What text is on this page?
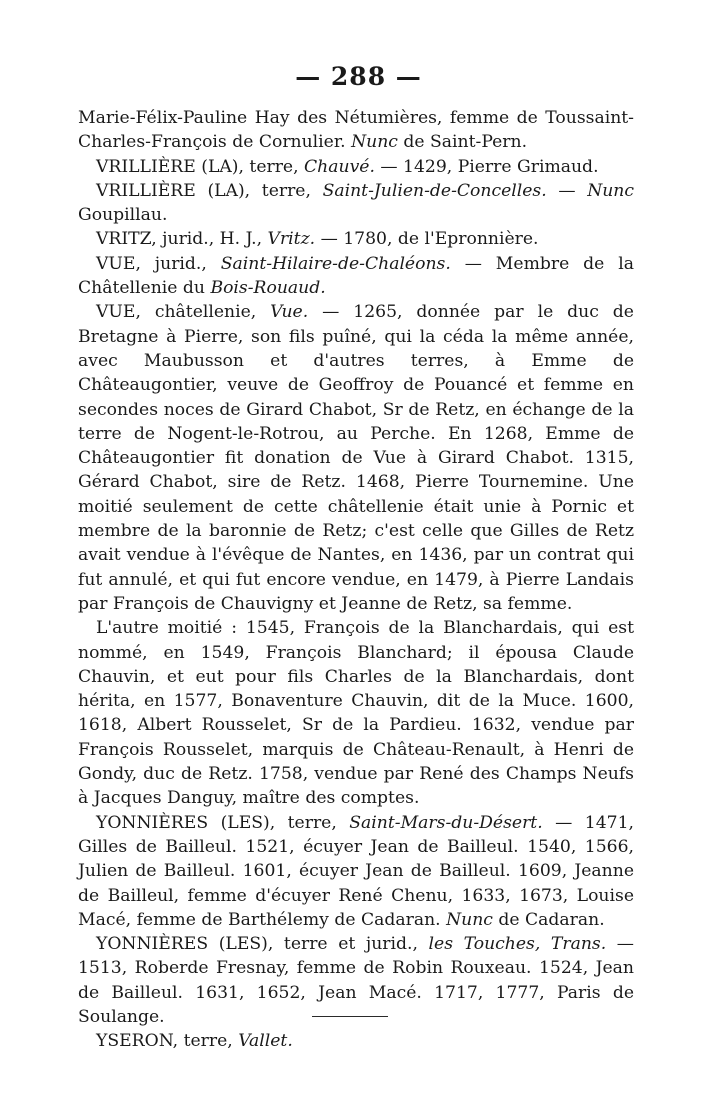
— 288 —

Marie-Félix-Pauline Hay des Nétumières, femme de Toussaint-Charles-François de Cornulier. Nunc de Saint-Pern.

VRILLIÈRE (LA), terre, Chauvé. — 1429, Pierre Grimaud.

VRILLIÈRE (LA), terre, Saint-Julien-de-Concelles. — Nunc Goupillau.

VRITZ, jurid., H. J., Vritz. — 1780, de l'Epronnière.

VUE, jurid., Saint-Hilaire-de-Chaléons. — Membre de la Châtellenie du Bois-Rouaud.

VUE, châtellenie, Vue. — 1265, donnée par le duc de Bretagne à Pierre, son fils puîné, qui la céda la même année, avec Maubusson et d'autres terres, à Emme de Châteaugontier, veuve de Geoffroy de Pouancé et femme en secondes noces de Girard Chabot, Sr de Retz, en échange de la terre de Nogent-le-Rotrou, au Perche. En 1268, Emme de Châteaugontier fit donation de Vue à Girard Chabot. 1315, Gérard Chabot, sire de Retz. 1468, Pierre Tournemine. Une moitié seulement de cette châtellenie était unie à Pornic et membre de la baronnie de Retz; c'est celle que Gilles de Retz avait vendue à l'évêque de Nantes, en 1436, par un contrat qui fut annulé, et qui fut encore vendue, en 1479, à Pierre Landais par François de Chauvigny et Jeanne de Retz, sa femme.

L'autre moitié : 1545, François de la Blanchardais, qui est nommé, en 1549, François Blanchard; il épousa Claude Chauvin, et eut pour fils Charles de la Blanchardais, dont hérita, en 1577, Bonaventure Chauvin, dit de la Muce. 1600, 1618, Albert Rousselet, Sr de la Pardieu. 1632, vendue par François Rousselet, marquis de Château-Renault, à Henri de Gondy, duc de Retz. 1758, vendue par René des Champs Neufs à Jacques Danguy, maître des comptes.

YONNIÈRES (LES), terre, Saint-Mars-du-Désert. — 1471, Gilles de Bailleul. 1521, écuyer Jean de Bailleul. 1540, 1566, Julien de Bailleul. 1601, écuyer Jean de Bailleul. 1609, Jeanne de Bailleul, femme d'écuyer René Chenu, 1633, 1673, Louise Macé, femme de Barthélemy de Cadaran. Nunc de Cadaran.

YONNIÈRES (LES), terre et jurid., les Touches, Trans. — 1513, Roberde Fresnay, femme de Robin Rouxeau. 1524, Jean de Bailleul. 1631, 1652, Jean Macé. 1717, 1777, Paris de Soulange.

YSERON, terre, Vallet.
